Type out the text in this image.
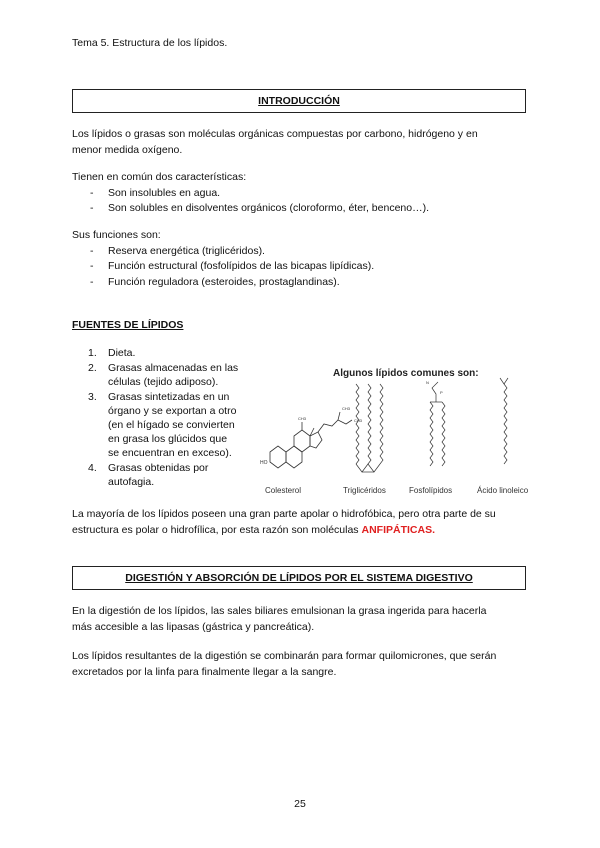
Tema 5. Estructura de los lípidos.

INTRODUCCIÓN

Los lípidos o grasas son moléculas orgánicas compuestas por carbono, hidrógeno y en

menor medida oxígeno.

Tienen en común dos características:

- Son insolubles en agua.
- Son solubles en disolventes orgánicos (cloroformo, éter, benceno…).

Sus funciones son:

- Reserva energética (triglicéridos).
- Función estructural (fosfolípidos de las bicapas lipídicas).
- Función reguladora (esteroides, prostaglandinas).

FUENTES DE LÍPIDOS

1. Dieta.
2. Grasas almacenadas en las
células (tejido adiposo).
3. Grasas sintetizadas en un
órgano y se exportan a otro
(en el hígado se convierten
en grasa los glúcidos que
se encuentran en exceso).
4. Grasas obtenidas por
autofagia.
Algunos lípidos comunes son:
HO
CH3
CH3
CH3
N
P
Colesterol	Triglicéridos	Fosfolípidos	Ácido linoleico

La mayoría de los lípidos poseen una gran parte apolar o hidrofóbica, pero otra parte de su

estructura es polar o hidrofílica, por esta razón son moléculas ANFIPÁTICAS.

DIGESTIÓN Y ABSORCIÓN DE LÍPIDOS POR EL SISTEMA DIGESTIVO

En la digestión de los lípidos, las sales biliares emulsionan la grasa ingerida para hacerla

más accesible a las lipasas (gástrica y pancreática).

Los lípidos resultantes de la digestión se combinarán para formar quilomicrones, que serán

excretados por la linfa para finalmente llegar a la sangre.

25
